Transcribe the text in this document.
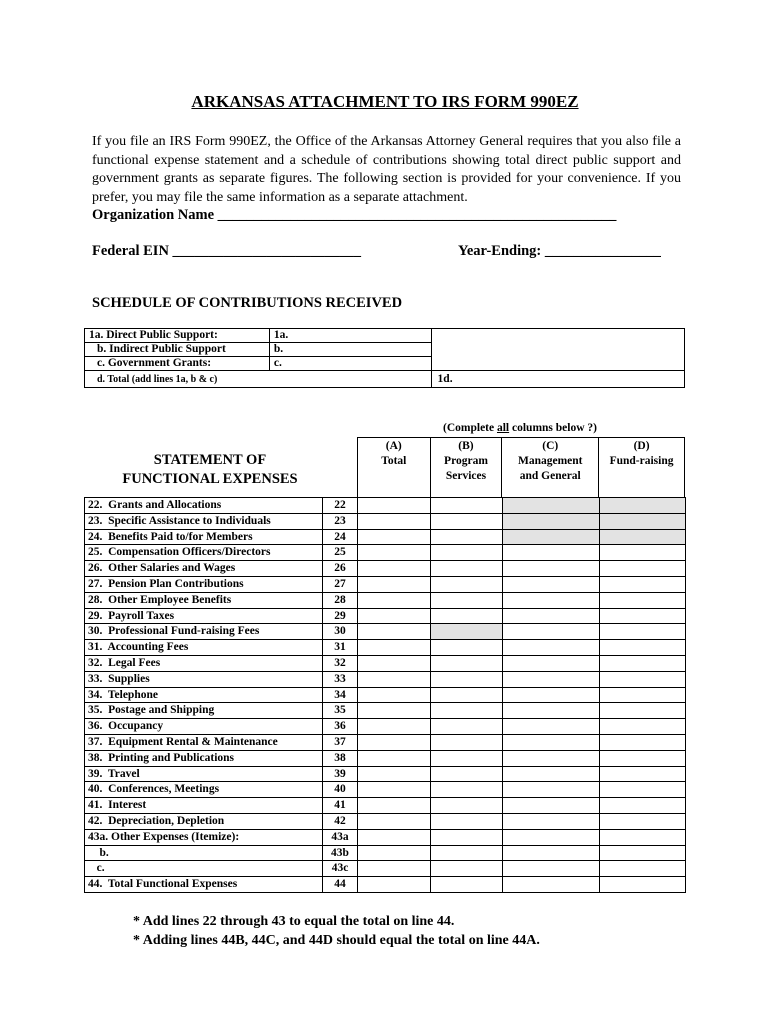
ARKANSAS ATTACHMENT TO IRS FORM 990EZ
If you file an IRS Form 990EZ, the Office of the Arkansas Attorney General requires that you also file a functional expense statement and a schedule of contributions showing total direct public support and government grants as separate figures. The following section is provided for your convenience. If you prefer, you may file the same information as a separate attachment.
Organization Name _______________________________________________________
Federal EIN __________________________	Year-Ending: ________________
SCHEDULE OF CONTRIBUTIONS RECEIVED
1a. Direct Public Support:	1a.	
b. Indirect Public Support	b.	
c. Government Grants:	c.	
d. Total (add lines 1a, b & c)		1d.
(Complete all columns below ?)
STATEMENT OF
FUNCTIONAL EXPENSES
(A)
Total

(B)
Program
Services

(C)
Management
and General

(D)
Fund-raising
22.  Grants and Allocations	22				
23.  Specific Assistance to Individuals	23				
24.  Benefits Paid to/for Members	24				
25.  Compensation Officers/Directors	25				
26.  Other Salaries and Wages	26				
27.  Pension Plan Contributions	27				
28.  Other Employee Benefits	28				
29.  Payroll Taxes	29				
30.  Professional Fund-raising Fees	30				
31.  Accounting Fees	31				
32.  Legal Fees	32				
33.  Supplies	33				
34.  Telephone	34				
35.  Postage and Shipping	35				
36.  Occupancy	36				
37.  Equipment Rental & Maintenance	37				
38.  Printing and Publications	38				
39.  Travel	39				
40.  Conferences, Meetings	40				
41.  Interest	41				
42.  Depreciation, Depletion	42				
43a. Other Expenses (Itemize):	43a				
b.	43b				
c.	43c				
44.  Total Functional Expenses	44				
* Add lines 22 through 43 to equal the total on line 44.
* Adding lines 44B, 44C, and 44D should equal the total on line 44A.
